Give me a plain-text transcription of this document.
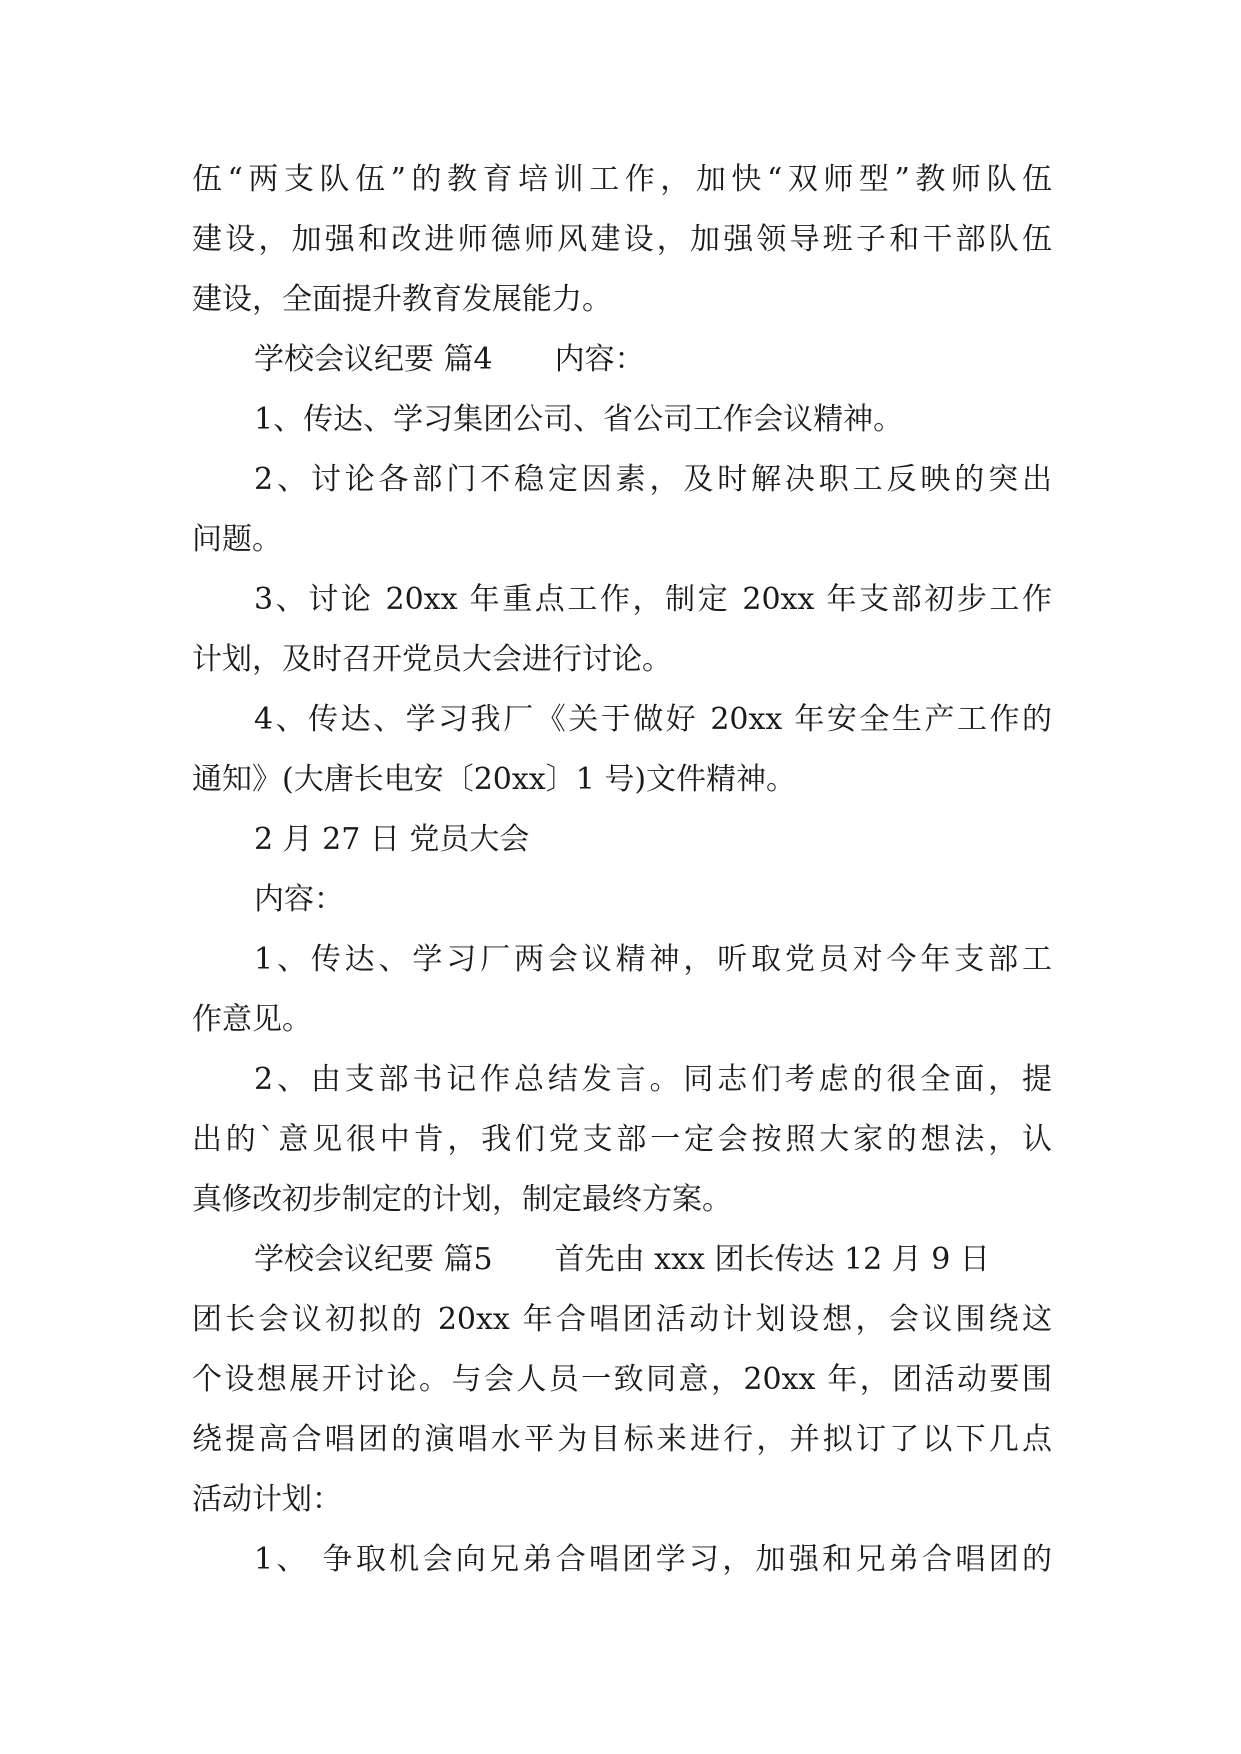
伍“两支队伍”的教育培训工作，加快“双师型”教师队伍
建设，加强和改进师德师风建设，加强领导班子和干部队伍
建设，全面提升教育发展能力。
学校会议纪要 篇4 内容：
1、传达、学习集团公司、省公司工作会议精神。
2、讨论各部门不稳定因素，及时解决职工反映的突出
问题。
3、讨论 20xx 年重点工作，制定 20xx 年支部初步工作
计划，及时召开党员大会进行讨论。
4、传达、学习我厂《关于做好 20xx 年安全生产工作的
通知》(大唐长电安〔20xx〕1 号)文件精神。
2 月 27 日 党员大会
内容：
1、传达、学习厂两会议精神，听取党员对今年支部工
作意见。
2、由支部书记作总结发言。同志们考虑的很全面，提
出的`意见很中肯，我们党支部一定会按照大家的想法，认
真修改初步制定的计划，制定最终方案。
学校会议纪要 篇5 首先由 xxx 团长传达 12 月 9 日
团长会议初拟的 20xx 年合唱团活动计划设想，会议围绕这
个设想展开讨论。与会人员一致同意，20xx 年，团活动要围
绕提高合唱团的演唱水平为目标来进行，并拟订了以下几点
活动计划：
1、 争取机会向兄弟合唱团学习，加强和兄弟合唱团的
